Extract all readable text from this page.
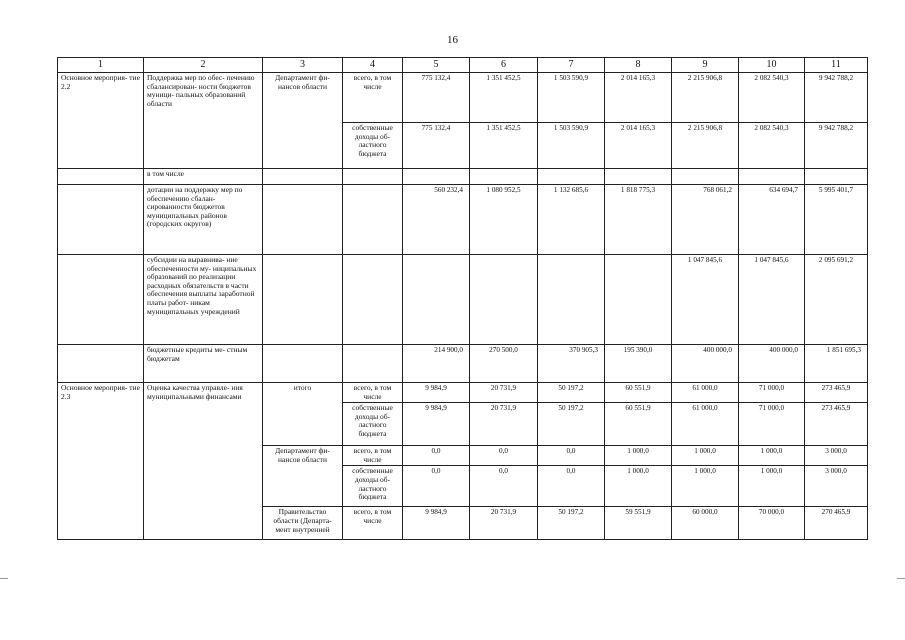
16
1	2	3	4	5	6	7	8	9	10	11
Основное мероприя- тие 2.2	Поддержка мер по обес- печению сбалансирован- ности бюджетов муници- пальных образований области	Департамент фи- нансов области	всего, в том числе	775 132,4	1 351 452,5	1 503 590,9	2 014 165,3	2 215 906,8	2 082 540,3	9 942 788,2
			собственные доходы об- ластного бюджета	775 132,4	1 351 452,5	1 503 590,9	2 014 165,3	2 215 906,8	2 082 540,3	9 942 788,2
	в том числе									
	дотации на поддержку мер по обеспечению сбалан- сированности бюджетов муниципальных районов (городских округов)			560 232,4	1 080 952,5	1 132 685,6	1 818 775,3	768 061,2	634 694,7	5 995 401,7
	субсидии на выравнива- ние обеспеченности му- ниципальных образований по реализации расходных обязательств в части обеспечения выплаты заработной платы работ- никам муниципальных учреждений							1 047 845,6	1 047 845,6	2 095 691,2
	бюджетные кредиты ме- стным бюджетам			214 900,0	270 500,0	370 905,3	195 390,0	400 000,0	400 000,0	1 851 695,3
Основное мероприя- тие 2.3	Оценка качества управле- ния муниципальными финансами	итого	всего, в том числе	9 984,9	20 731,9	50 197,2	60 551,9	61 000,0	71 000,0	273 465,9
			собственные доходы об- ластного бюджета	9 984,9	20 731,9	50 197,2	60 551,9	61 000,0	71 000,0	273 465,9
		Департамент фи- нансов области	всего, в том числе	0,0	0,0	0,0	1 000,0	1 000,0	1 000,0	3 000,0
			собственные доходы об- ластного бюджета	0,0	0,0	0,0	1 000,0	1 000,0	1 000,0	3 000,0
		Правительство области (Департа- мент внутренней	всего, в том числе	9 984,9	20 731,9	50 197,2	59 551,9	60 000,0	70 000,0	270 465,9
